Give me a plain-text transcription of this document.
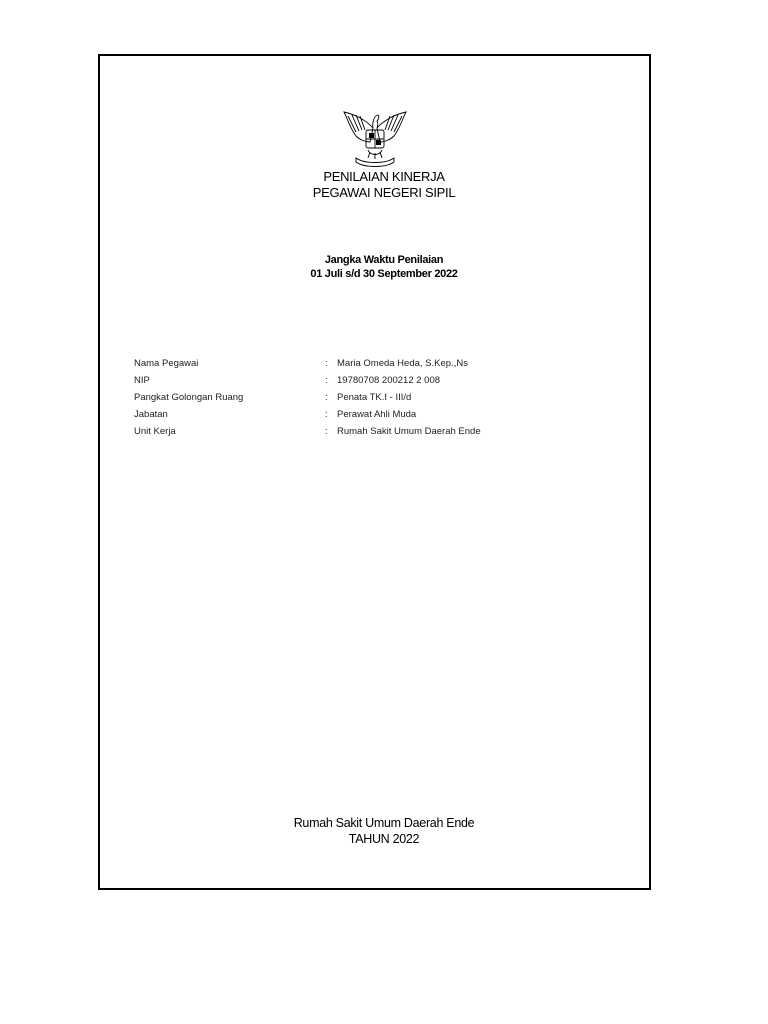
PENILAIAN KINERJA
PEGAWAI NEGERI SIPIL
Jangka Waktu Penilaian
01 Juli s/d 30 September 2022
Nama Pegawai	:	Maria Omeda Heda, S.Kep.,Ns
NIP	:	19780708 200212 2 008
Pangkat Golongan Ruang	:	Penata TK.I - III/d
Jabatan	:	Perawat Ahli Muda
Unit Kerja	:	Rumah Sakit Umum Daerah Ende
Rumah Sakit Umum Daerah Ende
TAHUN 2022
